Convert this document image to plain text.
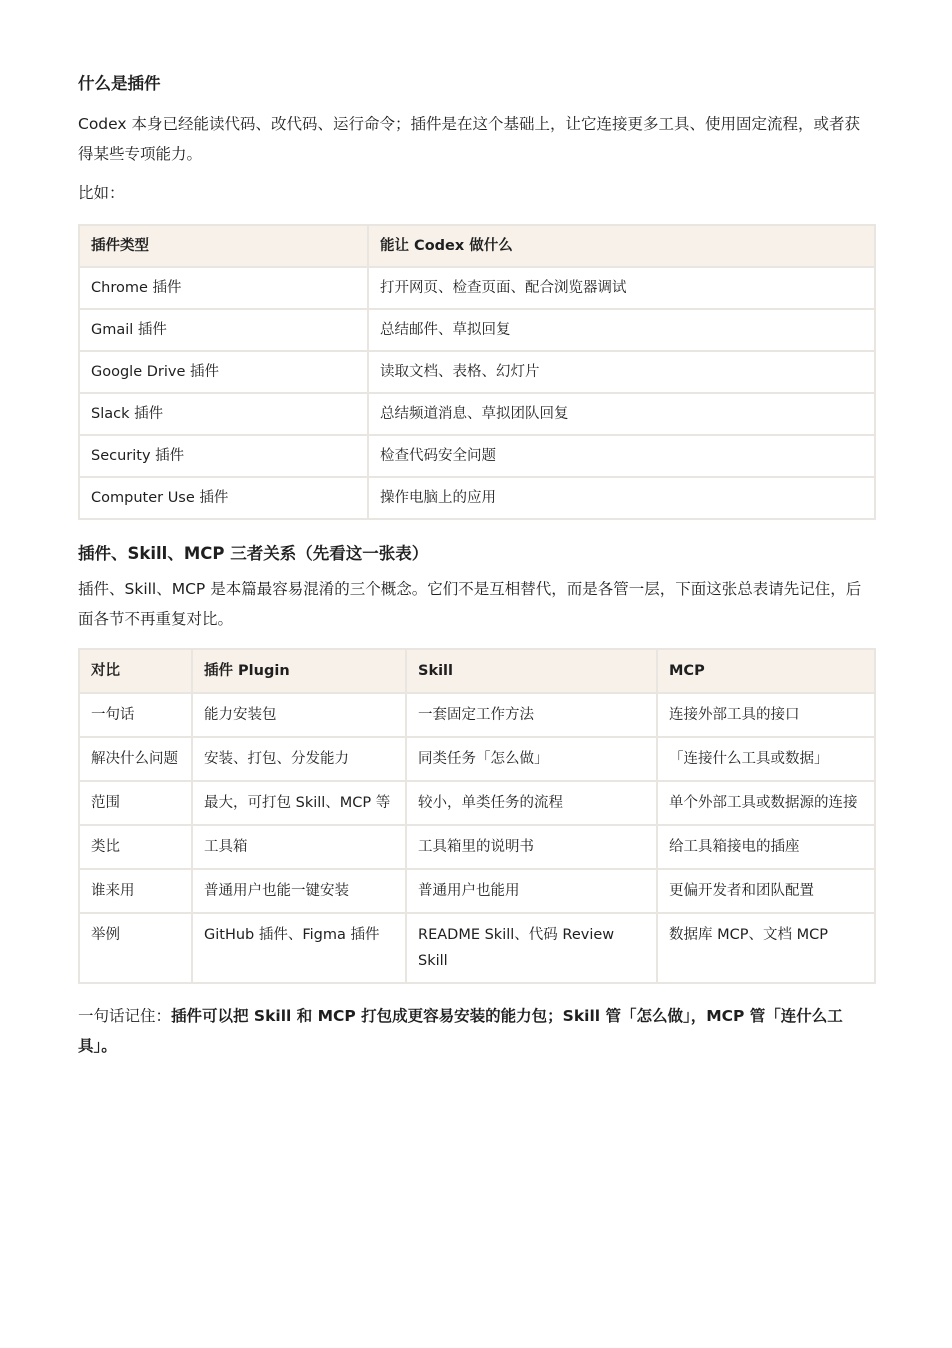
什么是插件

Codex 本身已经能读代码、改代码、运行命令；插件是在这个基础上，让它连接更多工具、使用固定流程，或者获得某些专项能力。

比如：

插件类型	能让 Codex 做什么
Chrome 插件	打开网页、检查页面、配合浏览器调试
Gmail 插件	总结邮件、草拟回复
Google Drive 插件	读取文档、表格、幻灯片
Slack 插件	总结频道消息、草拟团队回复
Security 插件	检查代码安全问题
Computer Use 插件	操作电脑上的应用
插件、Skill、MCP 三者关系（先看这一张表）

插件、Skill、MCP 是本篇最容易混淆的三个概念。它们不是互相替代，而是各管一层，下面这张总表请先记住，后面各节不再重复对比。

对比	插件 Plugin	Skill	MCP
一句话	能力安装包	一套固定工作方法	连接外部工具的接口
解决什么问题	安装、打包、分发能力	同类任务「怎么做」	「连接什么工具或数据」
范围	最大，可打包 Skill、MCP 等	较小，单类任务的流程	单个外部工具或数据源的连接
类比	工具箱	工具箱里的说明书	给工具箱接电的插座
谁来用	普通用户也能一键安装	普通用户也能用	更偏开发者和团队配置
举例	GitHub 插件、Figma 插件	README Skill、代码 Review Skill	数据库 MCP、文档 MCP

一句话记住：插件可以把 Skill 和 MCP 打包成更容易安装的能力包；Skill 管「怎么做」，MCP 管「连什么工具」。
